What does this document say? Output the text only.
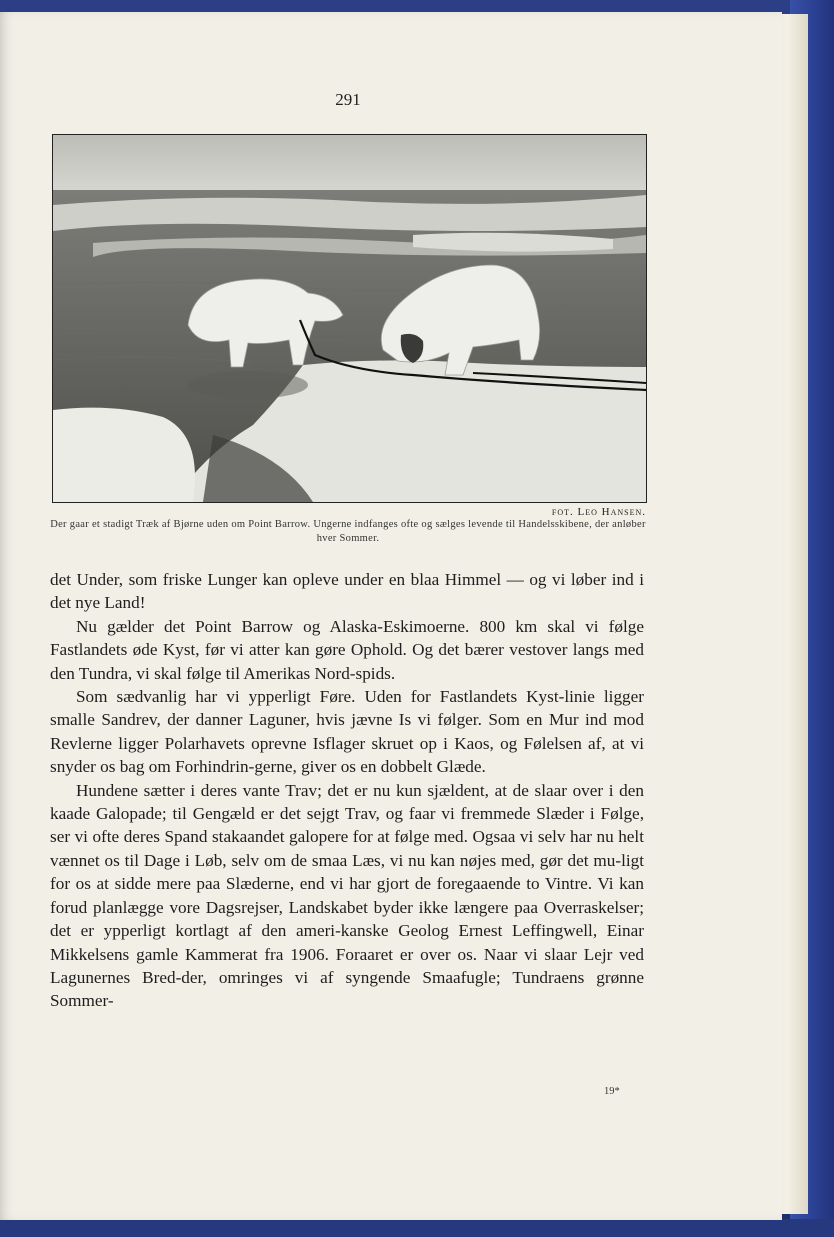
291
fot. Leo Hansen.
Der gaar et stadigt Træk af Bjørne uden om Point Barrow. Ungerne indfanges ofte og sælges levende til Handelsskibene, der anløber hver Sommer.

det Under, som friske Lunger kan opleve under en blaa Himmel — og vi løber ind i det nye Land!

Nu gælder det Point Barrow og Alaska-Eskimoerne. 800 km skal vi følge Fastlandets øde Kyst, før vi atter kan gøre Ophold. Og det bærer vestover langs med den Tundra, vi skal følge til Amerikas Nord-spids.

Som sædvanlig har vi ypperligt Føre. Uden for Fastlandets Kyst-linie ligger smalle Sandrev, der danner Laguner, hvis jævne Is vi følger. Som en Mur ind mod Revlerne ligger Polarhavets oprevne Isflager skruet op i Kaos, og Følelsen af, at vi snyder os bag om Forhindrin-gerne, giver os en dobbelt Glæde.

Hundene sætter i deres vante Trav; det er nu kun sjældent, at de slaar over i den kaade Galopade; til Gengæld er det sejgt Trav, og faar vi fremmede Slæder i Følge, ser vi ofte deres Spand stakaandet galopere for at følge med. Ogsaa vi selv har nu helt vænnet os til Dage i Løb, selv om de smaa Læs, vi nu kan nøjes med, gør det mu-ligt for os at sidde mere paa Slæderne, end vi har gjort de foregaaende to Vintre. Vi kan forud planlægge vore Dagsrejser, Landskabet byder ikke længere paa Overraskelser; det er ypperligt kortlagt af den ameri-kanske Geolog Ernest Leffingwell, Einar Mikkelsens gamle Kammerat fra 1906. Foraaret er over os. Naar vi slaar Lejr ved Lagunernes Bred-der, omringes vi af syngende Smaafugle; Tundraens grønne Sommer-

19*
